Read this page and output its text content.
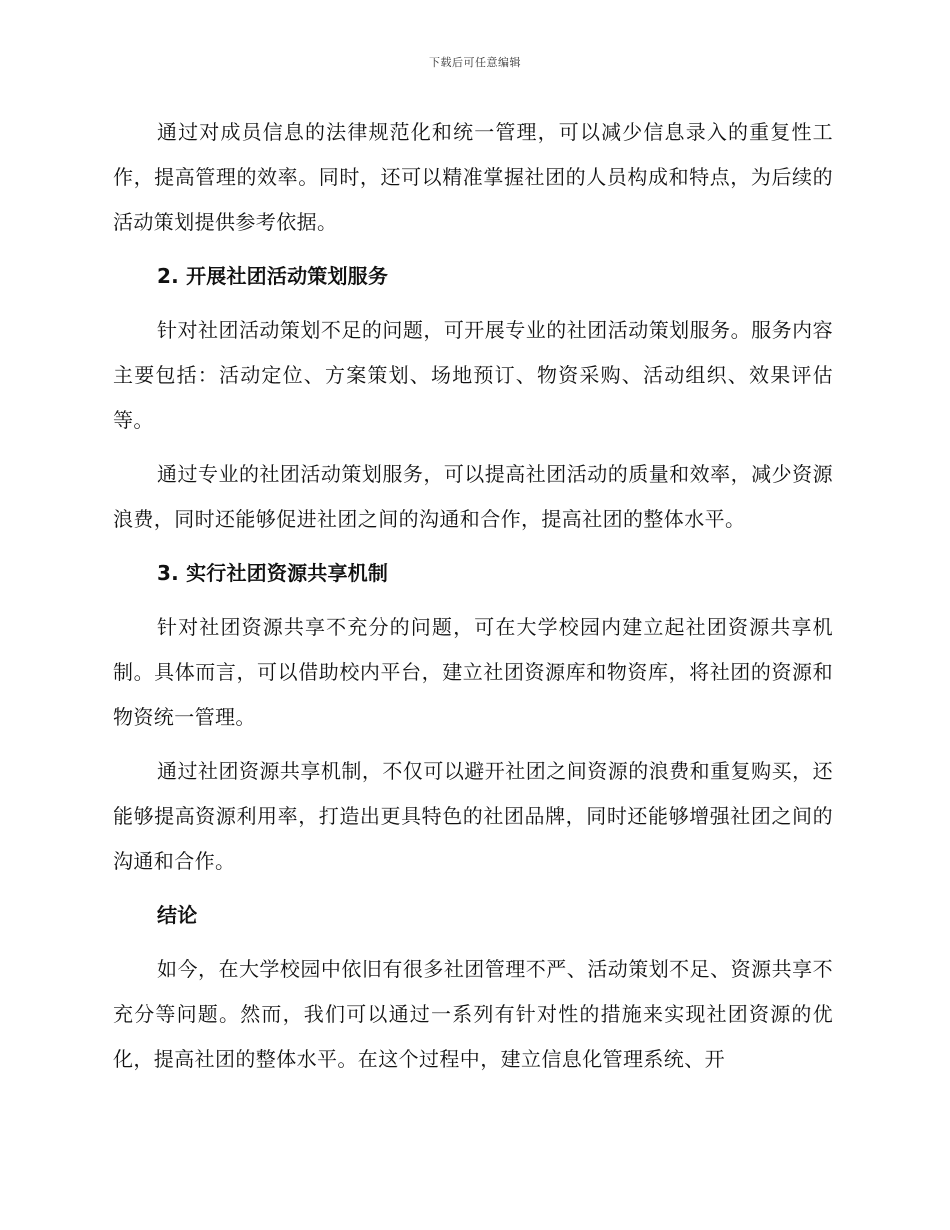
下载后可任意编辑

通过对成员信息的法律规范化和统一管理，可以减少信息录入的重复性工作，提高管理的效率。同时，还可以精准掌握社团的人员构成和特点，为后续的活动策划提供参考依据。

2. 开展社团活动策划服务

针对社团活动策划不足的问题，可开展专业的社团活动策划服务。服务内容主要包括：活动定位、方案策划、场地预订、物资采购、活动组织、效果评估等。

通过专业的社团活动策划服务，可以提高社团活动的质量和效率，减少资源浪费，同时还能够促进社团之间的沟通和合作，提高社团的整体水平。

3. 实行社团资源共享机制

针对社团资源共享不充分的问题，可在大学校园内建立起社团资源共享机制。具体而言，可以借助校内平台，建立社团资源库和物资库，将社团的资源和物资统一管理。

通过社团资源共享机制，不仅可以避开社团之间资源的浪费和重复购买，还能够提高资源利用率，打造出更具特色的社团品牌，同时还能够增强社团之间的沟通和合作。

结论

如今，在大学校园中依旧有很多社团管理不严、活动策划不足、资源共享不充分等问题。然而，我们可以通过一系列有针对性的措施来实现社团资源的优化，提高社团的整体水平。在这个过程中，建立信息化管理系统、开
